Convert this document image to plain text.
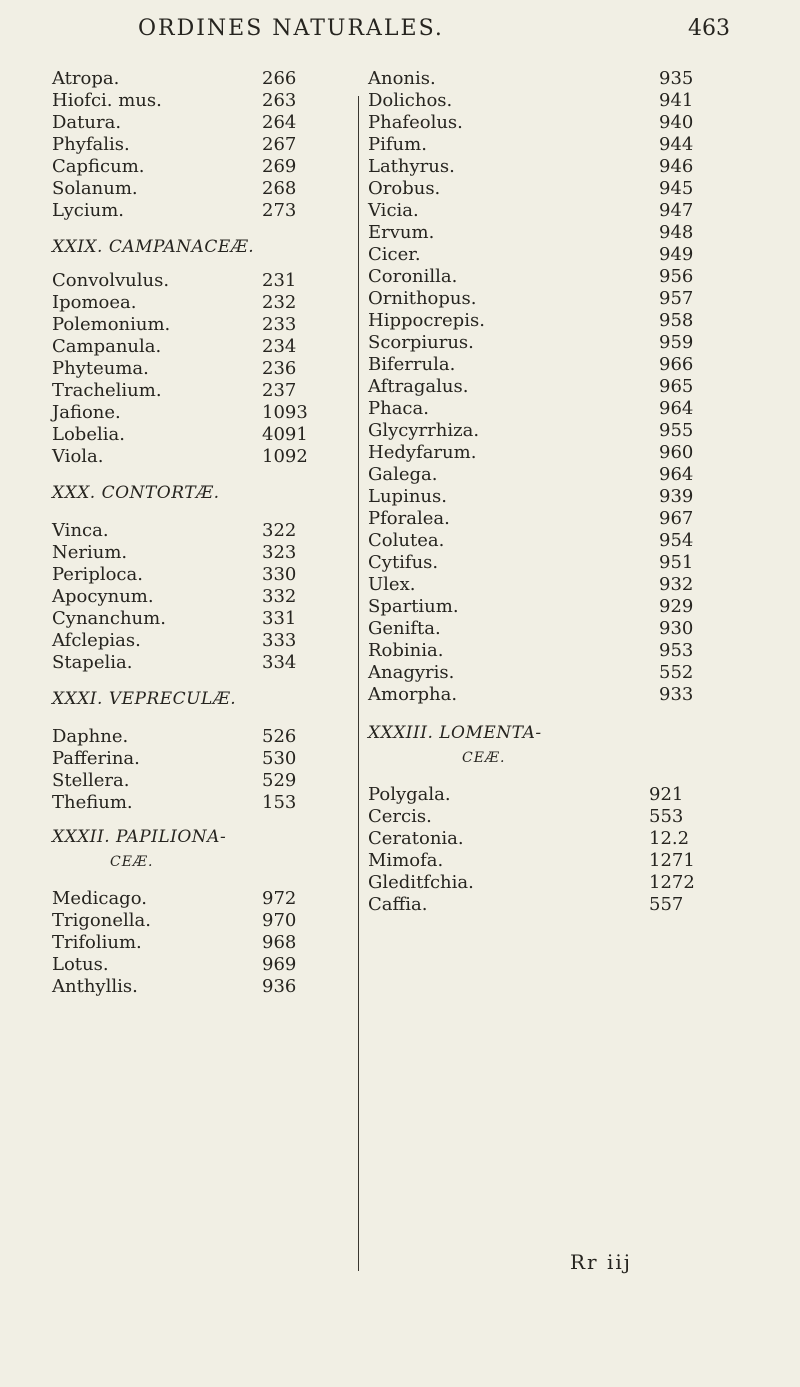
ORDINES NATURALES.	463
Atropa.	266
Hiofci. mus.	263
Datura.	264
Phyfalis.	267
Capficum.	269
Solanum.	268
Lycium.	273
XXIX. CAMPANACEÆ.
Convolvulus.	231
Ipomoea.	232
Polemonium.	233
Campanula.	234
Phyteuma.	236
Trachelium.	237
Jafione.	1093
Lobelia.	4091
Viola.	1092
XXX. CONTORTÆ.
Vinca.	322
Nerium.	323
Periploca.	330
Apocynum.	332
Cynanchum.	331
Afclepias.	333
Stapelia.	334
XXXI. VEPRECULÆ.
Daphne.	526
Pafferina.	530
Stellera.	529
Thefium.	153
XXXII. PAPILIONA-
CEÆ.
Medicago.	972
Trigonella.	970
Trifolium.	968
Lotus.	969
Anthyllis.	936
Anonis.	935
Dolichos.	941
Phafeolus.	940
Pifum.	944
Lathyrus.	946
Orobus.	945
Vicia.	947
Ervum.	948
Cicer.	949
Coronilla.	956
Ornithopus.	957
Hippocrepis.	958
Scorpiurus.	959
Biferrula.	966
Aftragalus.	965
Phaca.	964
Glycyrrhiza.	955
Hedyfarum.	960
Galega.	964
Lupinus.	939
Pforalea.	967
Colutea.	954
Cytifus.	951
Ulex.	932
Spartium.	929
Genifta.	930
Robinia.	953
Anagyris.	552
Amorpha.	933
XXXIII. LOMENTA-
CEÆ.
Polygala.	921
Cercis.	553
Ceratonia.	12.2
Mimofa.	1271
Gleditfchia.	1272
Caffia.	557
Rr iij
